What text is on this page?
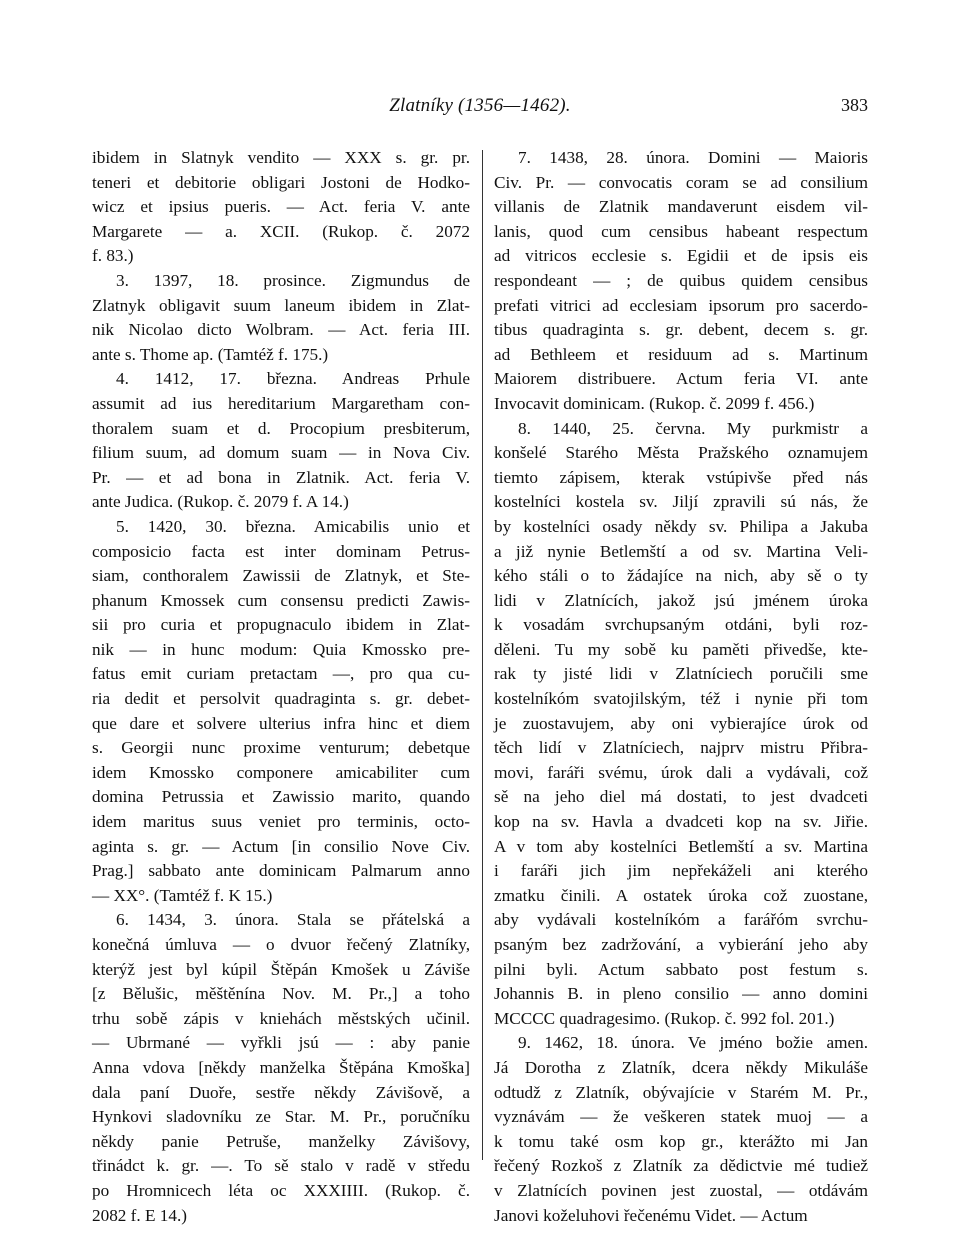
Zlatníky (1356—1462).	383
ibidem in Slatnyk vendito — XXX s. gr. pr.
teneri et debitorie obligari Jostoni de Hodko-
wicz et ipsius pueris. — Act. feria V. ante
Margarete — a. XCII. (Rukop. č. 2072
f. 83.)
3. 1397, 18. prosince. Zigmundus de
Zlatnyk obligavit suum laneum ibidem in Zlat-
nik Nicolao dicto Wolbram. — Act. feria III.
ante s. Thome ap. (Tamtéž f. 175.)
4. 1412, 17. března. Andreas Prhule
assumit ad ius hereditarium Margaretham con-
thoralem suam et d. Procopium presbiterum,
filium suum, ad domum suam — in Nova Civ.
Pr. — et ad bona in Zlatnik. Act. feria V.
ante Judica. (Rukop. č. 2079 f. A 14.)
5. 1420, 30. března. Amicabilis unio et
composicio facta est inter dominam Petrus-
siam, conthoralem Zawissii de Zlatnyk, et Ste-
phanum Kmossek cum consensu predicti Zawis-
sii pro curia et propugnaculo ibidem in Zlat-
nik — in hunc modum: Quia Kmossko pre-
fatus emit curiam pretactam —, pro qua cu-
ria dedit et persolvit quadraginta s. gr. debet-
que dare et solvere ulterius infra hinc et diem
s. Georgii nunc proxime venturum; debetque
idem Kmossko componere amicabiliter cum
domina Petrussia et Zawissio marito, quando
idem maritus suus veniet pro terminis, octo-
aginta s. gr. — Actum [in consilio Nove Civ.
Prag.] sabbato ante dominicam Palmarum anno
— XX°. (Tamtéž f. K 15.)
6. 1434, 3. února. Stala se přátelská a
konečná úmluva — o dvuor řečený Zlatníky,
kterýž jest byl kúpil Štěpán Kmošek u Záviše
[z Bělušic, měštěnína Nov. M. Pr.,] a toho
trhu sobě zápis v kniehách městských učinil.
— Ubrmané — vyřkli jsú — : aby panie
Anna vdova [někdy manželka Štěpána Kmoška]
dala paní Duoře, sestře někdy Závišově, a
Hynkovi sladovníku ze Star. M. Pr., poručníku
někdy panie Petruše, manželky Závišovy,
třinádct k. gr. —. To sě stalo v radě v středu
po Hromnicech léta oc XXXIIII. (Rukop. č.
2082 f. E 14.)
7. 1438, 28. února. Domini — Maioris
Civ. Pr. — convocatis coram se ad consilium
villanis de Zlatnik mandaverunt eisdem vil-
lanis, quod cum censibus habeant respectum
ad vitricos ecclesie s. Egidii et de ipsis eis
respondeant — ; de quibus quidem censibus
prefati vitrici ad ecclesiam ipsorum pro sacerdo-
tibus quadraginta s. gr. debent, decem s. gr.
ad Bethleem et residuum ad s. Martinum
Maiorem distribuere. Actum feria VI. ante
Invocavit dominicam. (Rukop. č. 2099 f. 456.)
8. 1440, 25. června. My purkmistr a
konšelé Starého Města Pražského oznamujem
tiemto zápisem, kterak vstúpivše před nás
kostelníci kostela sv. Jiljí zpravili sú nás, že
by kostelníci osady někdy sv. Philipa a Jakuba
a již nynie Betlemští a od sv. Martina Veli-
kého stáli o to žádajíce na nich, aby sě o ty
lidi v Zlatnících, jakož jsú jménem úroka
k vosadám svrchupsaným otdáni, byli roz-
děleni. Tu my sobě ku paměti přivedše, kte-
rak ty jisté lidi v Zlatníciech poručili sme
kostelníkóm svatojilským, též i nynie při tom
je zuostavujem, aby oni vybierajíce úrok od
těch lidí v Zlatníciech, najprv mistru Přibra-
movi, faráři svému, úrok dali a vydávali, což
sě na jeho diel má dostati, to jest dvadceti
kop na sv. Havla a dvadceti kop na sv. Jiřie.
A v tom aby kostelníci Betlemští a sv. Martina
i faráři jich jim nepřekáželi ani kterého
zmatku činili. A ostatek úroka což zuostane,
aby vydávali kostelníkóm a farářóm svrchu-
psaným bez zadržování, a vybierání jeho aby
pilni byli. Actum sabbato post festum s.
Johannis B. in pleno consilio — anno domini
MCCCC quadragesimo. (Rukop. č. 992 fol. 201.)
9. 1462, 18. února. Ve jméno božie amen.
Já Dorotha z Zlatník, dcera někdy Mikuláše
odtudž z Zlatník, obývajície v Starém M. Pr.,
vyznávám — že veškeren statek muoj — a
k tomu také osm kop gr., kterážto mi Jan
řečený Rozkoš z Zlatník za dědictvie mé tudiež
v Zlatnících povinen jest zuostal, — otdávám
Janovi koželuhovi řečenému Videt. — Actum
